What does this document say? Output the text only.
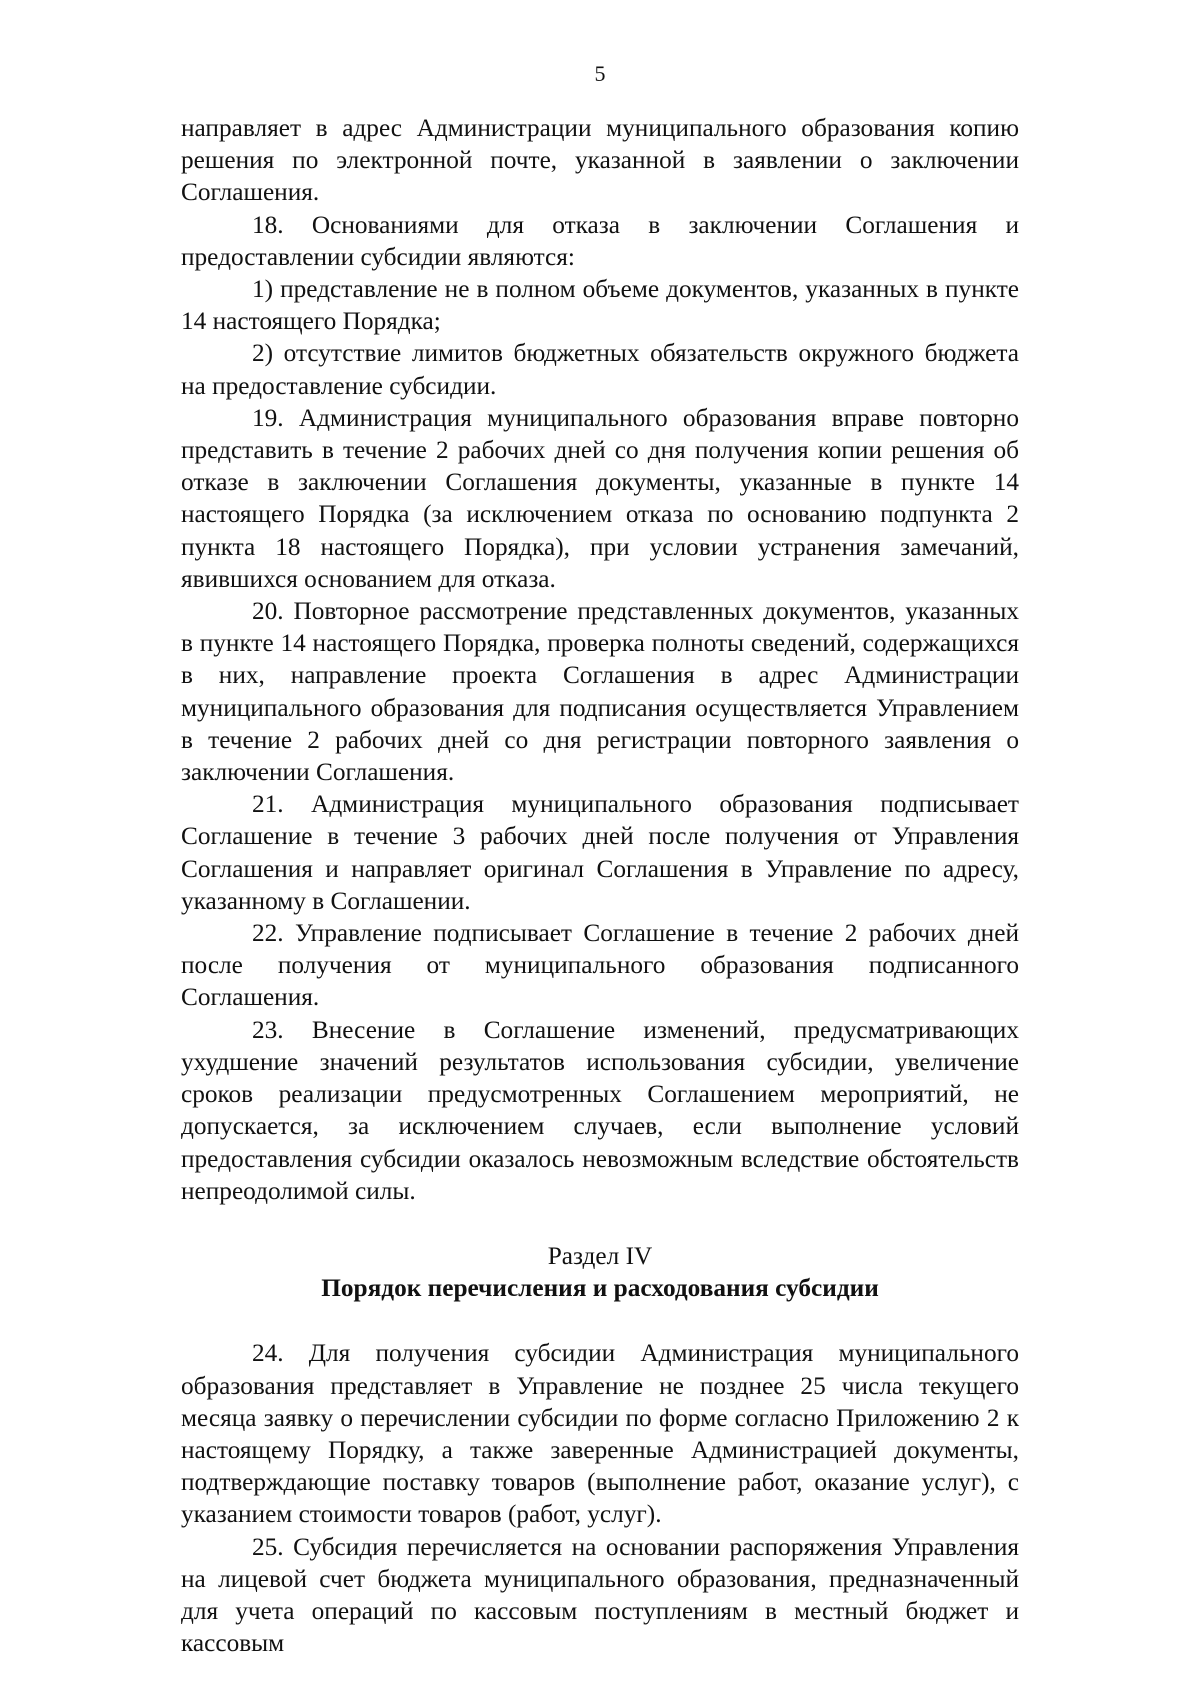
5

направляет в адрес Администрации муниципального образования копию решения по электронной почте, указанной в заявлении о заключении Соглашения.

18. Основаниями для отказа в заключении Соглашения и предоставлении субсидии являются:

1) представление не в полном объеме документов, указанных в пункте 14 настоящего Порядка;

2) отсутствие лимитов бюджетных обязательств окружного бюджета на предоставление субсидии.

19. Администрация муниципального образования вправе повторно представить в течение 2 рабочих дней со дня получения копии решения об отказе в заключении Соглашения документы, указанные в пункте 14 настоящего Порядка (за исключением отказа по основанию подпункта 2 пункта 18 настоящего Порядка), при условии устранения замечаний, явившихся основанием для отказа.

20. Повторное рассмотрение представленных документов, указанных в пункте 14 настоящего Порядка, проверка полноты сведений, содержащихся в них, направление проекта Соглашения в адрес Администрации муниципального образования для подписания осуществляется Управлением в течение 2 рабочих дней со дня регистрации повторного заявления о заключении Соглашения.

21. Администрация муниципального образования подписывает Соглашение в течение 3 рабочих дней после получения от Управления Соглашения и направляет оригинал Соглашения в Управление по адресу, указанному в Соглашении.

22. Управление подписывает Соглашение в течение 2 рабочих дней после получения от муниципального образования подписанного Соглашения.

23. Внесение в Соглашение изменений, предусматривающих ухудшение значений результатов использования субсидии, увеличение сроков реализации предусмотренных Соглашением мероприятий, не допускается, за исключением случаев, если выполнение условий предоставления субсидии оказалось невозможным вследствие обстоятельств непреодолимой силы.

Раздел IV

Порядок перечисления и расходования субсидии

24. Для получения субсидии Администрация муниципального образования представляет в Управление не позднее 25 числа текущего месяца заявку о перечислении субсидии по форме согласно Приложению 2 к настоящему Порядку, а также заверенные Администрацией документы, подтверждающие поставку товаров (выполнение работ, оказание услуг), с указанием стоимости товаров (работ, услуг).

25. Субсидия перечисляется на основании распоряжения Управления на лицевой счет бюджета муниципального образования, предназначенный для учета операций по кассовым поступлениям в местный бюджет и кассовым
